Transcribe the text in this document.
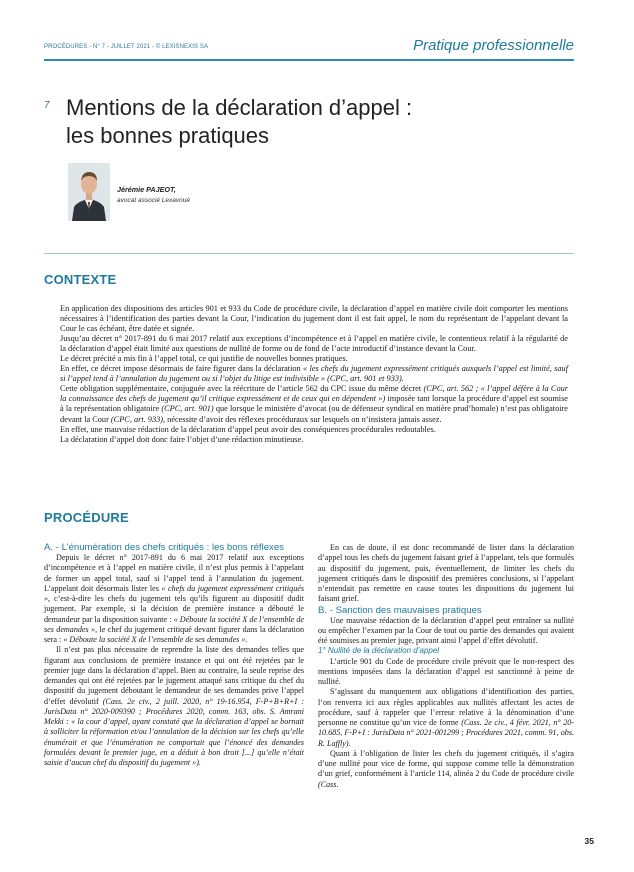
PROCÉDURES - N° 7 - JUILLET 2021 - © LEXISNEXIS SA	Pratique professionnelle
7 Mentions de la déclaration d’appel :
les bonnes pratiques
Jérémie PAJEOT,
avocat associé Lexavoué
CONTEXTE

En application des dispositions des articles 901 et 933 du Code de procédure civile, la déclaration d’appel en matière civile doit comporter les mentions nécessaires à l’identification des parties devant la Cour, l’indication du jugement dont il est fait appel, le nom du représentant de l’appelant devant la Cour le cas échéant, être datée et signée.

Jusqu’au décret n° 2017-891 du 6 mai 2017 relatif aux exceptions d’incompétence et à l’appel en matière civile, le contentieux relatif à la régularité de la déclaration d’appel était limité aux questions de nullité de forme ou de fond de l’acte introductif d’instance devant la Cour.

Le décret précité a mis fin à l’appel total, ce qui justifie de nouvelles bonnes pratiques.

En effet, ce décret impose désormais de faire figurer dans la déclaration « les chefs du jugement expressément critiqués auxquels l’appel est limité, sauf si l’appel tend à l’annulation du jugement ou si l’objet du litige est indivisible » (CPC, art. 901 et 933).

Cette obligation supplémentaire, conjuguée avec la réécriture de l’article 562 du CPC issue du même décret (CPC, art. 562 ; « l’appel défère à la Cour la connaissance des chefs de jugement qu’il critique expressément et de ceux qui en dépendent ») imposée tant lorsque la procédure d’appel est soumise à la représentation obligatoire (CPC, art. 901) que lorsque le ministère d’avocat (ou de défenseur syndical en matière prud’homale) n’est pas obligatoire devant la Cour (CPC, art. 933), nécessite d’avoir des réflexes procéduraux sur lesquels on n’insistera jamais assez.

En effet, une mauvaise rédaction de la déclaration d’appel peut avoir des conséquences procédurales redoutables.

La déclaration d’appel doit donc faire l’objet d’une rédaction minutieuse.

PROCÉDURE

A. - L’énumération des chefs critiqués : les bons réflexes

Depuis le décret n° 2017-891 du 6 mai 2017 relatif aux exceptions d’incompétence et à l’appel en matière civile, il n’est plus permis à l’appelant de former un appel total, sauf si l’appel tend à l’annulation du jugement. L’appelant doit désormais lister les « chefs du jugement expressément critiqués », c’est-à-dire les chefs du jugement tels qu’ils figurent au dispositif dudit jugement. Par exemple, si la décision de première instance a débouté le demandeur par la disposition suivante : « Déboute la société X de l’ensemble de ses demandes », le chef du jugement critiqué devant figurer dans la déclaration sera : « Déboute la société X de l’ensemble de ses demandes ».

Il n’est pas plus nécessaire de reprendre la liste des demandes telles que figurant aux conclusions de première instance et qui ont été rejetées par le premier juge dans la déclaration d’appel. Bien au contraire, la seule reprise des demandes qui ont été rejetées par le jugement attaqué sans critique du chef du dispositif du jugement déboutant le demandeur de ses demandes prive l’appel d’effet dévolutif (Cass. 2e civ., 2 juill. 2020, n° 19-16.954, F-P+B+R+I : JurisData n° 2020-009390 ; Procédures 2020, comm. 163, obs. S. Amrani Mekki : « la cour d’appel, ayant constaté que la déclaration d’appel se bornait à solliciter la réformation et/ou l’annulation de la décision sur les chefs qu’elle énumérait et que l’énumération ne comportait que l’énoncé des demandes formulées devant le premier juge, en a déduit à bon droit [...] qu’elle n’était saisie d’aucun chef du dispositif du jugement »).

En cas de doute, il est donc recommandé de lister dans la déclaration d’appel tous les chefs du jugement faisant grief à l’appelant, tels que formulés au dispositif du jugement, puis, éventuellement, de limiter les chefs du jugement critiqués dans le dispositif des premières conclusions, si l’appelant n’entendait pas remettre en cause toutes les dispositions du jugement lui faisant grief.

B. - Sanction des mauvaises pratiques

Une mauvaise rédaction de la déclaration d’appel peut entraîner sa nullité ou empêcher l’examen par la Cour de tout ou partie des demandes qui avaient été soumises au premier juge, privant ainsi l’appel d’effet dévolutif.

1° Nullité de la déclaration d’appel

L’article 901 du Code de procédure civile prévoit que le non-respect des mentions imposées dans la déclaration d’appel est sanctionné à peine de nullité.

S’agissant du manquement aux obligations d’identification des parties, l’on renverra ici aux règles applicables aux nullités affectant les actes de procédure, sauf à rappeler que l’erreur relative à la dénomination d’une personne ne constitue qu’un vice de forme (Cass. 2e civ., 4 févr. 2021, n° 20-10.685, F-P+I : JurisData n° 2021-001299 ; Procédures 2021, comm. 91, obs. R. Laffly).

Quant à l’obligation de lister les chefs du jugement critiqués, il s’agira d’une nullité pour vice de forme, qui suppose comme telle la démonstration d’un grief, conformément à l’article 114, alinéa 2 du Code de procédure civile (Cass.

35
